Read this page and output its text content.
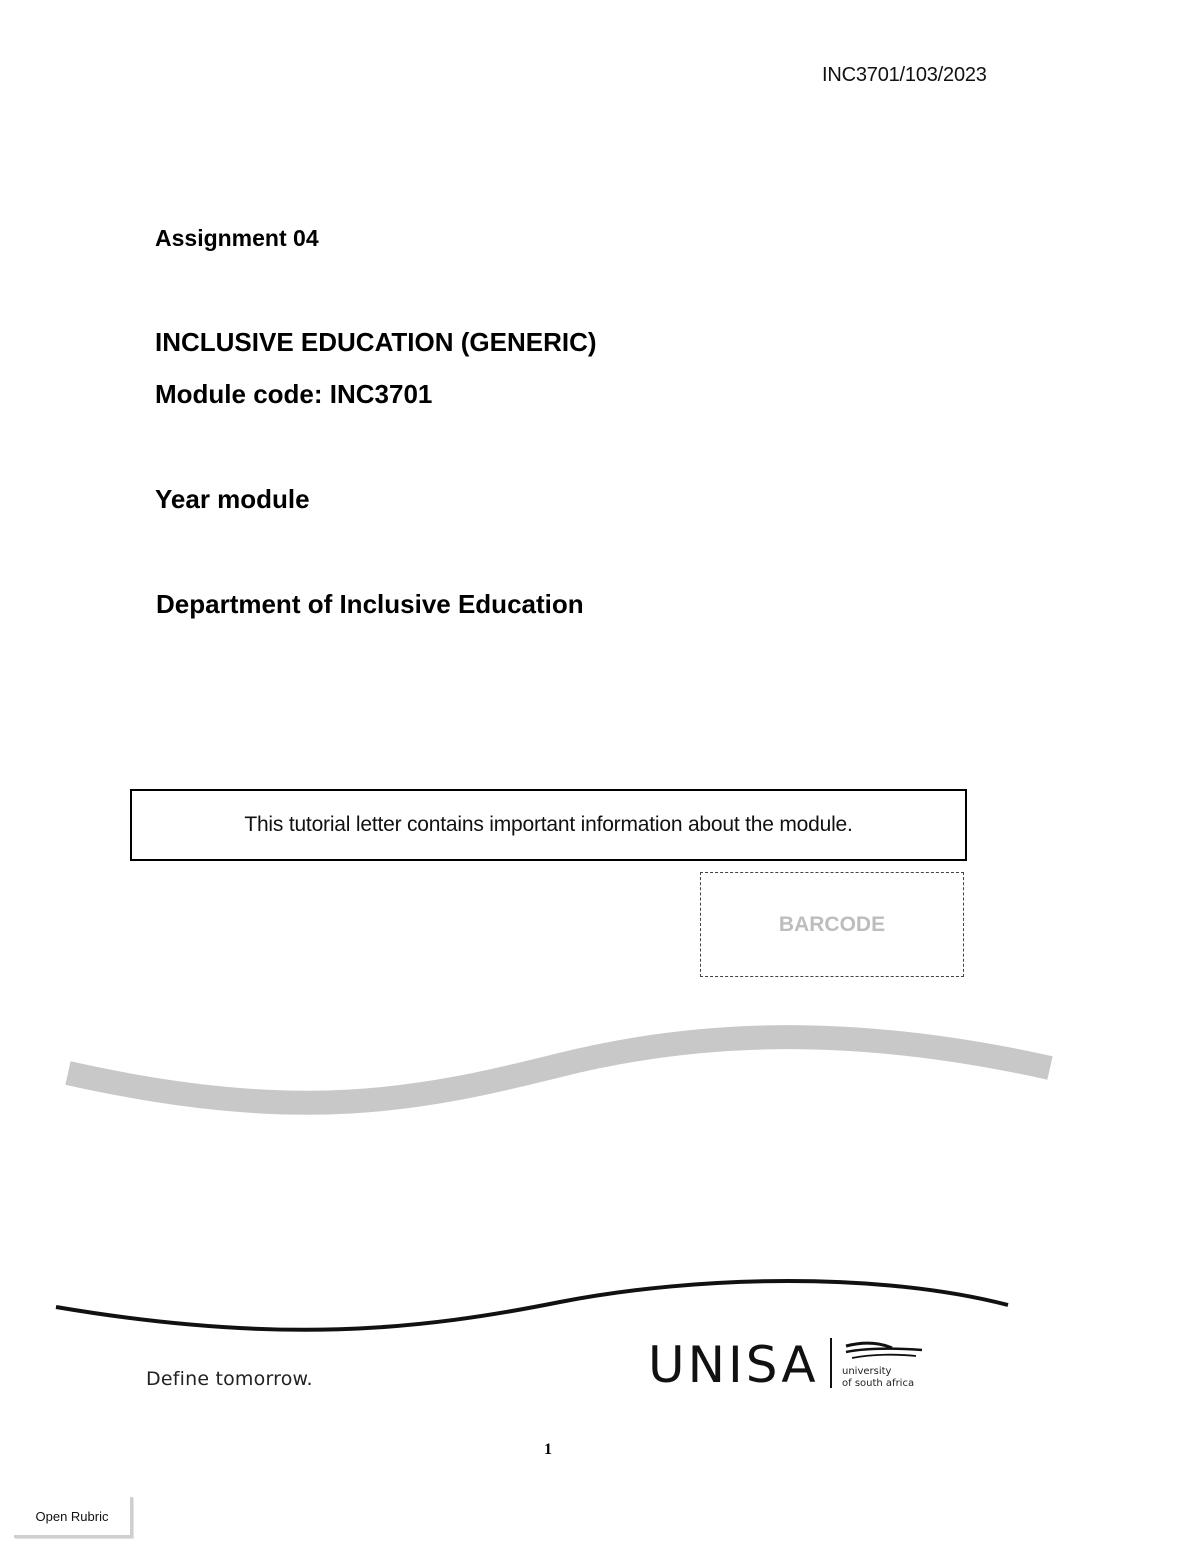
INC3701/103/2023
Assignment 04
INCLUSIVE EDUCATION (GENERIC)
Module code: INC3701
Year module
Department of Inclusive Education
This tutorial letter contains important information about the module.
BARCODE
Define tomorrow.	UNISA university
of south africa
1
Open Rubric
